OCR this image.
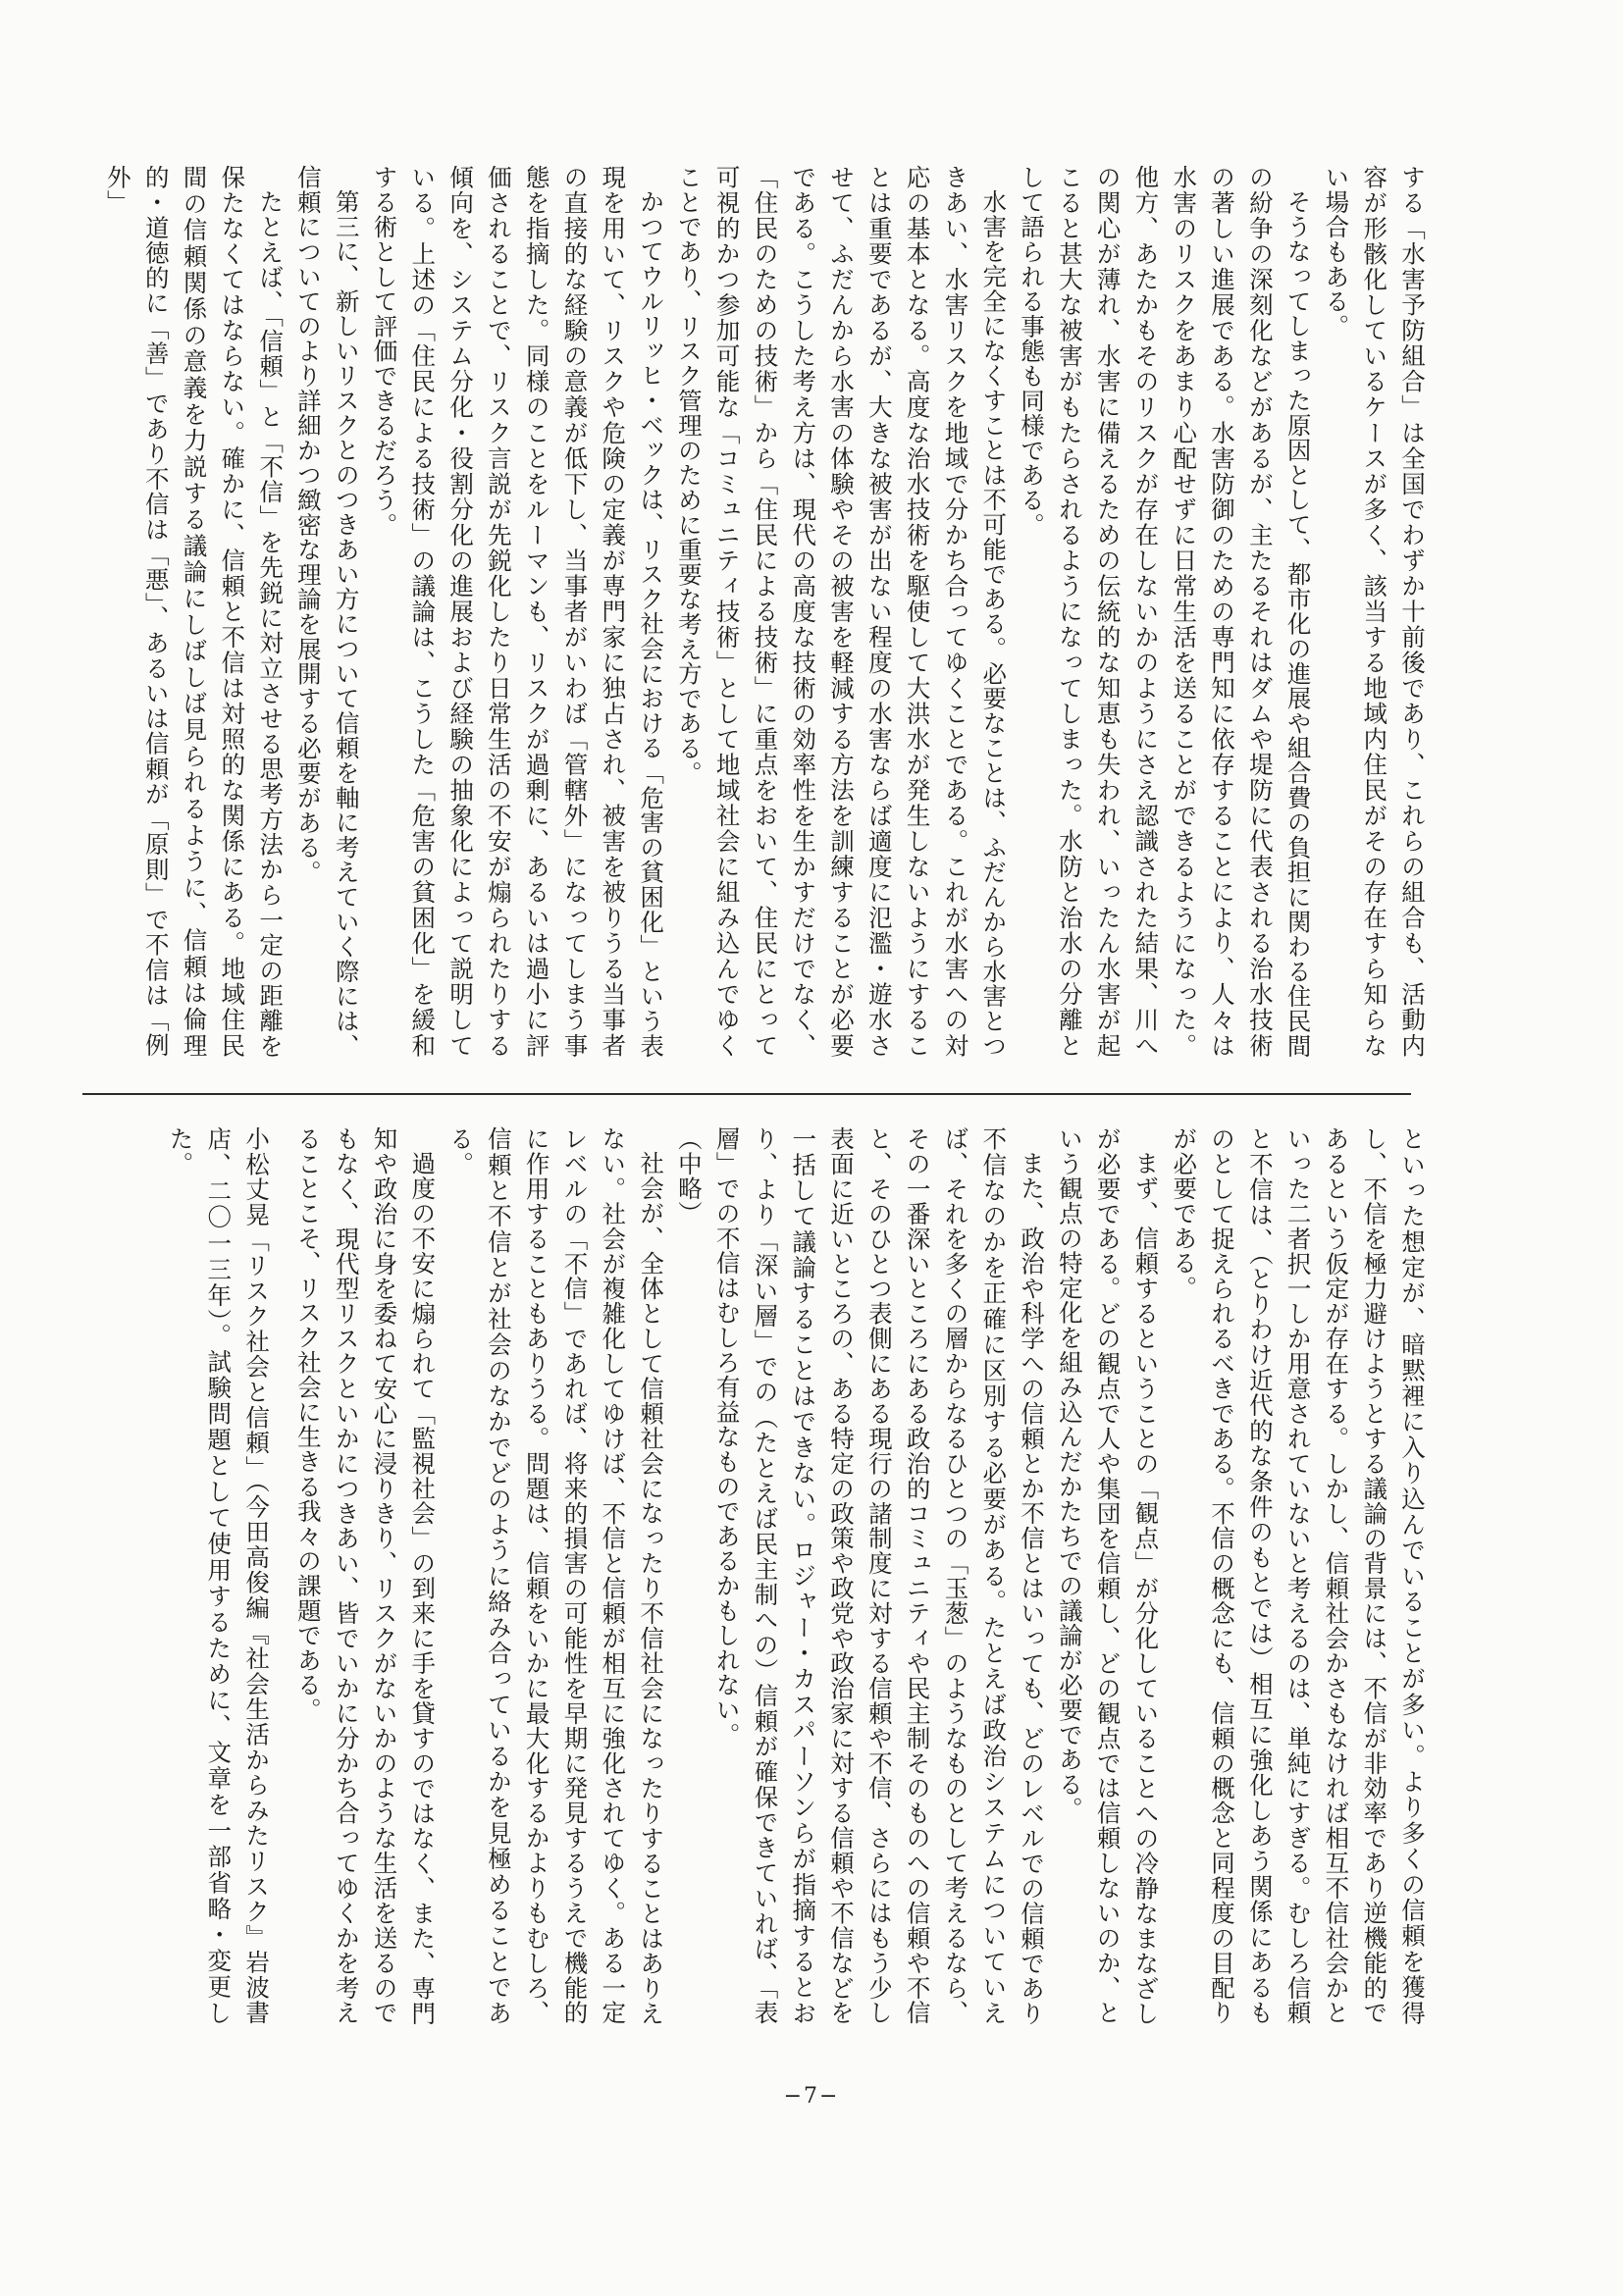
する「水害予防組合」は全国でわずか十前後であり、これらの組合も、活動内容が形骸化しているケースが多く、該当する地域内住民がその存在すら知らない場合もある。

そうなってしまった原因として、都市化の進展や組合費の負担に関わる住民間の紛争の深刻化などがあるが、主たるそれはダムや堤防に代表される治水技術の著しい進展である。水害防御のための専門知に依存することにより、人々は水害のリスクをあまり心配せずに日常生活を送ることができるようになった。他方、あたかもそのリスクが存在しないかのようにさえ認識された結果、川への関心が薄れ、水害に備えるための伝統的な知恵も失われ、いったん水害が起こると甚大な被害がもたらされるようになってしまった。水防と治水の分離として語られる事態も同様である。

水害を完全になくすことは不可能である。必要なことは、ふだんから水害とつきあい、水害リスクを地域で分かち合ってゆくことである。これが水害への対応の基本となる。高度な治水技術を駆使して大洪水が発生しないようにすることは重要であるが、大きな被害が出ない程度の水害ならば適度に氾濫・遊水させて、ふだんから水害の体験やその被害を軽減する方法を訓練することが必要である。こうした考え方は、現代の高度な技術の効率性を生かすだけでなく、「住民のための技術」から「住民による技術」に重点をおいて、住民にとって可視的かつ参加可能な「コミュニティ技術」として地域社会に組み込んでゆくことであり、リスク管理のために重要な考え方である。

かつてウルリッヒ・ベックは、リスク社会における「危害の貧困化」という表現を用いて、リスクや危険の定義が専門家に独占され、被害を被りうる当事者の直接的な経験の意義が低下し、当事者がいわば「管轄外」になってしまう事態を指摘した。同様のことをルーマンも、リスクが過剰に、あるいは過小に評価されることで、リスク言説が先鋭化したり日常生活の不安が煽られたりする傾向を、システム分化・役割分化の進展および経験の抽象化によって説明している。上述の「住民による技術」の議論は、こうした「危害の貧困化」を緩和する術として評価できるだろう。

第三に、新しいリスクとのつきあい方について信頼を軸に考えていく際には、信頼についてのより詳細かつ緻密な理論を展開する必要がある。

たとえば、「信頼」と「不信」を先鋭に対立させる思考方法から一定の距離を保たなくてはならない。確かに、信頼と不信は対照的な関係にある。地域住民間の信頼関係の意義を力説する議論にしばしば見られるように、信頼は倫理的・道徳的に「善」であり不信は「悪」、あるいは信頼が「原則」で不信は「例外」

といった想定が、暗黙裡に入り込んでいることが多い。より多くの信頼を獲得し、不信を極力避けようとする議論の背景には、不信が非効率であり逆機能的であるという仮定が存在する。しかし、信頼社会かさもなければ相互不信社会かといった二者択一しか用意されていないと考えるのは、単純にすぎる。むしろ信頼と不信は、（とりわけ近代的な条件のもとでは）相互に強化しあう関係にあるものとして捉えられるべきである。不信の概念にも、信頼の概念と同程度の目配りが必要である。

まず、信頼するということの「観点」が分化していることへの冷静なまなざしが必要である。どの観点で人や集団を信頼し、どの観点では信頼しないのか、という観点の特定化を組み込んだかたちでの議論が必要である。

また、政治や科学への信頼とか不信とはいっても、どのレベルでの信頼であり不信なのかを正確に区別する必要がある。たとえば政治システムについていえば、それを多くの層からなるひとつの「玉葱」のようなものとして考えるなら、その一番深いところにある政治的コミュニティや民主制そのものへの信頼や不信と、そのひとつ表側にある現行の諸制度に対する信頼や不信、さらにはもう少し表面に近いところの、ある特定の政策や政党や政治家に対する信頼や不信などを一括して議論することはできない。ロジャー・カスパーソンらが指摘するとおり、より「深い層」での（たとえば民主制への）信頼が確保できていれば、「表層」での不信はむしろ有益なものであるかもしれない。

（中略）

社会が、全体として信頼社会になったり不信社会になったりすることはありえない。社会が複雑化してゆけば、不信と信頼が相互に強化されてゆく。ある一定レベルの「不信」であれば、将来的損害の可能性を早期に発見するうえで機能的に作用することもありうる。問題は、信頼をいかに最大化するかよりもむしろ、信頼と不信とが社会のなかでどのように絡み合っているかを見極めることである。

過度の不安に煽られて「監視社会」の到来に手を貸すのではなく、また、専門知や政治に身を委ねて安心に浸りきり、リスクがないかのような生活を送るのでもなく、現代型リスクといかにつきあい、皆でいかに分かち合ってゆくかを考えることこそ、リスク社会に生きる我々の課題である。

小松丈晃「リスク社会と信頼」（今田高俊編『社会生活からみたリスク』岩波書店、二〇一三年）。試験問題として使用するために、文章を一部省略・変更した。

−7−
